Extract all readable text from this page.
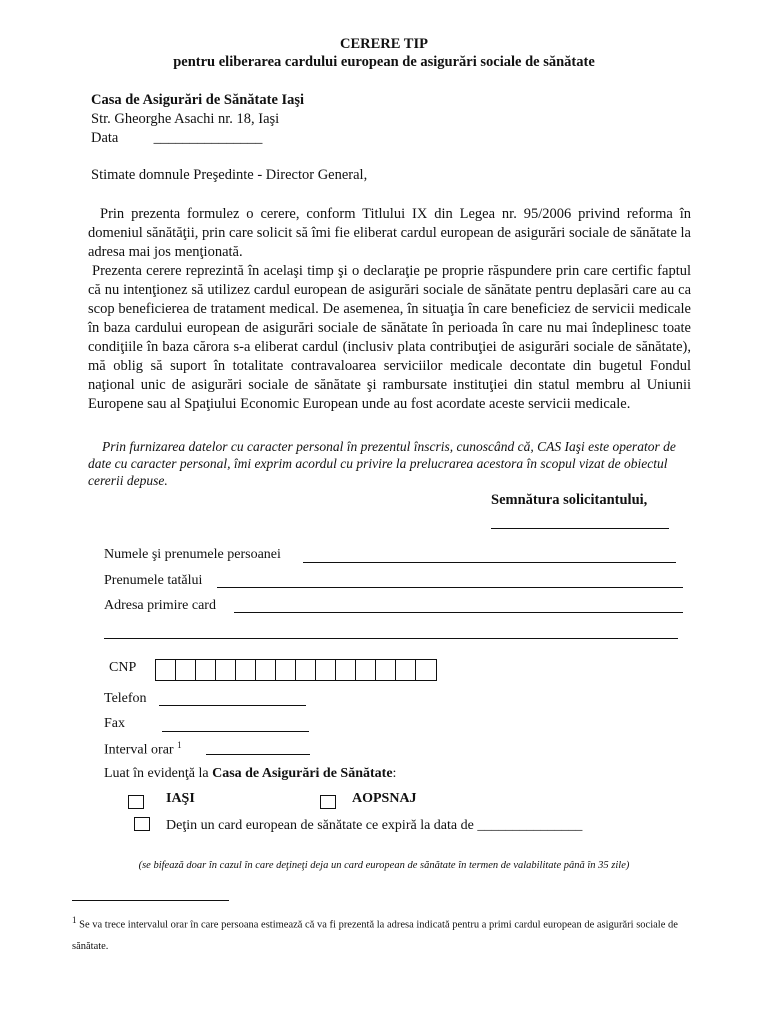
CERERE TIP
pentru eliberarea cardului european de asigurări sociale de sănătate
Casa de Asigurări de Sănătate Iaşi
Str. Gheorghe Asachi nr. 18, Iaşi
Data _______________
Stimate domnule Preşedinte - Director General,

Prin prezenta formulez o cerere, conform Titlului IX din Legea nr. 95/2006 privind reforma în domeniul sănătăţii, prin care solicit să îmi fie eliberat cardul european de asigurări sociale de sănătate la adresa mai jos menţionată.

Prezenta cerere reprezintă în acelaşi timp şi o declaraţie pe proprie răspundere prin care certific faptul că nu intenţionez să utilizez cardul european de asigurări sociale de sănătate pentru deplasări care au ca scop beneficierea de tratament medical. De asemenea, în situaţia în care beneficiez de servicii medicale în baza cardului european de asigurări sociale de sănătate în perioada în care nu mai îndeplinesc toate condiţiile în baza cărora s-a eliberat cardul (inclusiv plata contribuţiei de asigurări sociale de sănătate), mă oblig să suport în totalitate contravaloarea serviciilor medicale decontate din bugetul Fondul naţional unic de asigurări sociale de sănătate şi rambursate instituţiei din statul membru al Uniunii Europene sau al Spaţiului Economic European unde au fost acordate aceste servicii medicale.

Prin furnizarea datelor cu caracter personal în prezentul înscris, cunoscând că, CAS Iaşi este operator de date cu caracter personal, îmi exprim acordul cu privire la prelucrarea acestora în scopul vizat de obiectul cererii depuse.
Semnătura solicitantului,
Numele şi prenumele persoanei
Prenumele tatălui
Adresa primire card
CNP
Telefon
Fax
Interval orar $^1$
Luat în evidenţă la Casa de Asigurări de Sănătate:
IAŞI	AOPSNAJ
Deţin un card european de sănătate ce expiră la data de _______________
(se bifează doar în cazul în care deţineţi deja un card european de sănătate în termen de valabilitate până în 35 zile)
$^1$ Se va trece intervalul orar în care persoana estimează că va fi prezentă la adresa indicată pentru a primi cardul european de asigurări sociale de sănătate.
